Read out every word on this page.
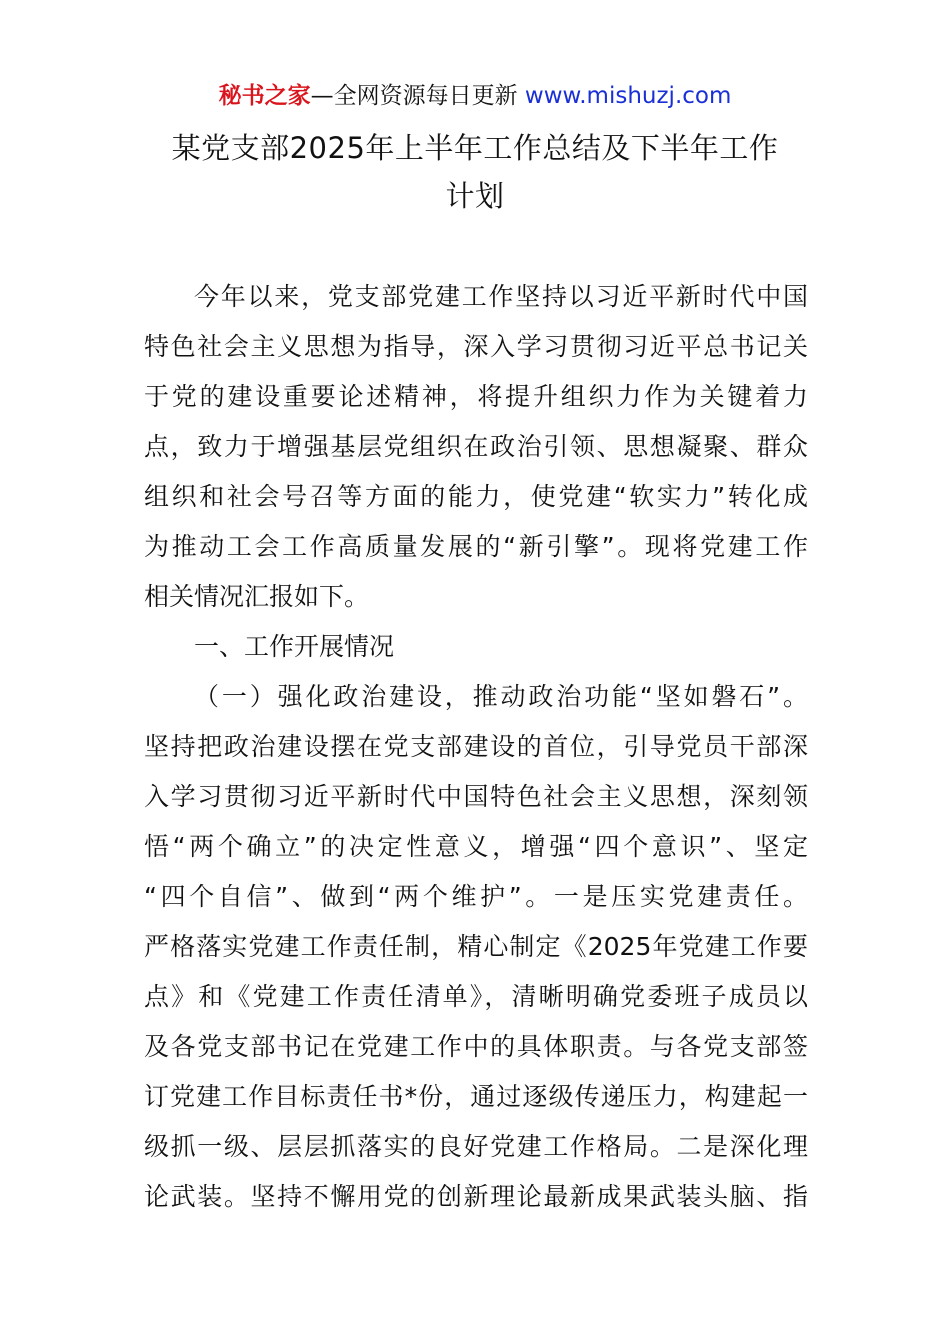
秘书之家—全网资源每日更新 www.mishuzj.com
某党支部2025年上半年工作总结及下半年工作
计划
今年以来，党支部党建工作坚持以习近平新时代中国
特色社会主义思想为指导，深入学习贯彻习近平总书记关
于党的建设重要论述精神，将提升组织力作为关键着力
点，致力于增强基层党组织在政治引领、思想凝聚、群众
组织和社会号召等方面的能力，使党建“软实力”转化成
为推动工会工作高质量发展的“新引擎”。现将党建工作
相关情况汇报如下。
一、工作开展情况
（一）强化政治建设，推动政治功能“坚如磐石”。
坚持把政治建设摆在党支部建设的首位，引导党员干部深
入学习贯彻习近平新时代中国特色社会主义思想，深刻领
悟“两个确立”的决定性意义，增强“四个意识”、坚定
“四个自信”、做到“两个维护”。一是压实党建责任。
严格落实党建工作责任制，精心制定《2025年党建工作要
点》和《党建工作责任清单》，清晰明确党委班子成员以
及各党支部书记在党建工作中的具体职责。与各党支部签
订党建工作目标责任书*份，通过逐级传递压力，构建起一
级抓一级、层层抓落实的良好党建工作格局。二是深化理
论武装。坚持不懈用党的创新理论最新成果武装头脑、指
